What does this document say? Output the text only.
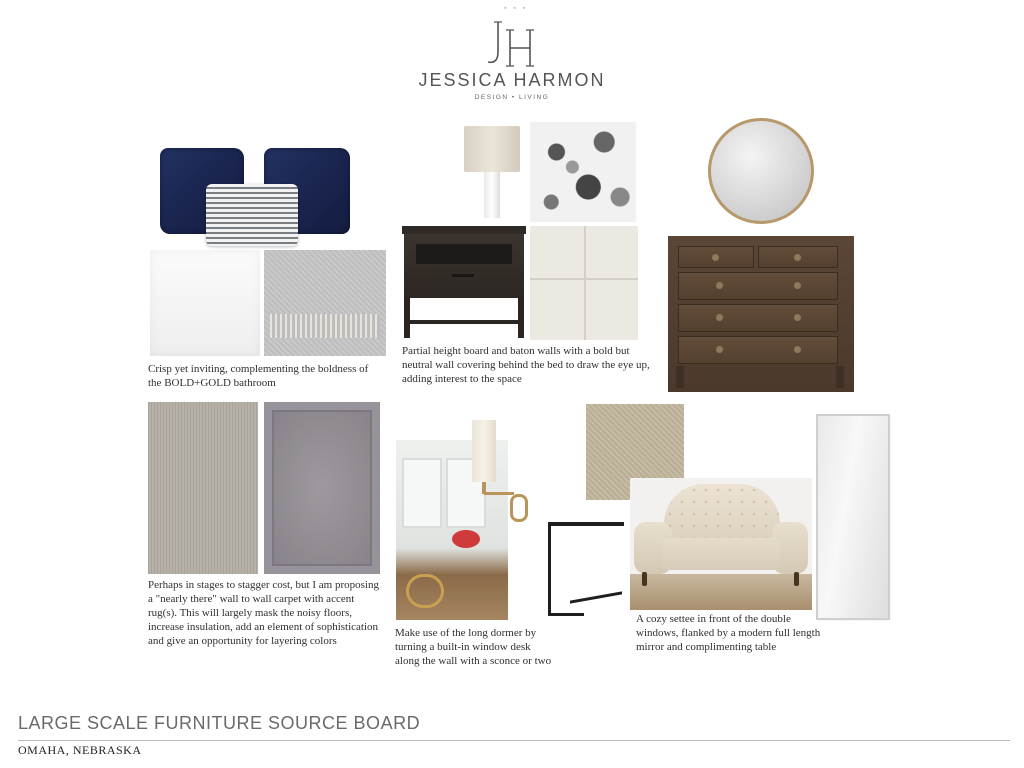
• • •
JESSICA HARMON
DESIGN • LIVING
Crisp yet inviting, complementing the boldness of the BOLD+GOLD bathroom
Partial height board and baton walls with a bold but neutral wall covering behind the bed to draw the eye up, adding interest to the space
Perhaps in stages to stagger cost, but I am proposing a "nearly there" wall to wall carpet with accent rug(s). This will largely mask the noisy floors, increase insulation, add an element of sophistication and give an opportunity for layering colors
Make use of the long dormer by turning a built-in window desk along the wall with a sconce or two
A cozy settee in front of the double windows, flanked by a modern full length mirror and complimenting table
LARGE SCALE FURNITURE SOURCE BOARD
OMAHA, NEBRASKA
